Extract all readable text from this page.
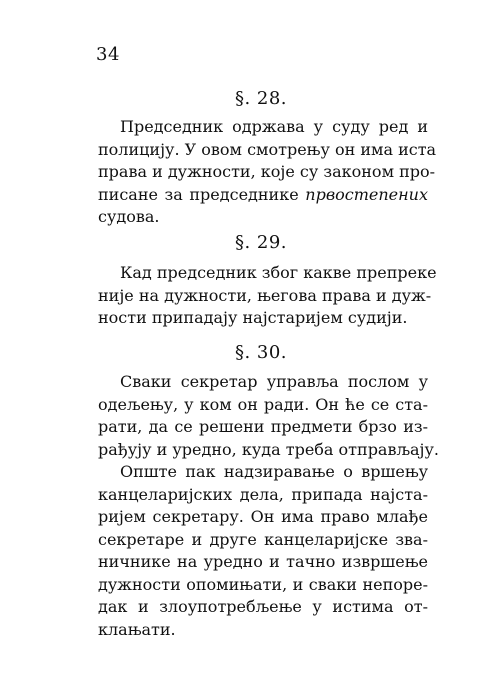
34
§. 28.
Председник одржава у суду ред и
полицију. У овом смотрењу он има иста
права и дужности, које су законом про-
писане за председнике првостепених
судова.
§. 29.
Кад председник због какве препреке
није на дужности, његова права и дуж-
ности припадају најстаријем судији.
§. 30.
Сваки секретар управља послом у
одељењу, у ком он ради. Он ће се ста-
рати, да се решени предмети брзо из-
рађују и уредно, куда треба отправљају.
Опште пак надзиравање о вршењу
канцеларијских дела, припада најста-
ријем секретару. Он има право млађе
секретаре и друге канцеларијске зва-
ничнике на уредно и тачно извршење
дужности опомињати, и сваки непоре-
дак и злоупотребљење у истима от-
клањати.
